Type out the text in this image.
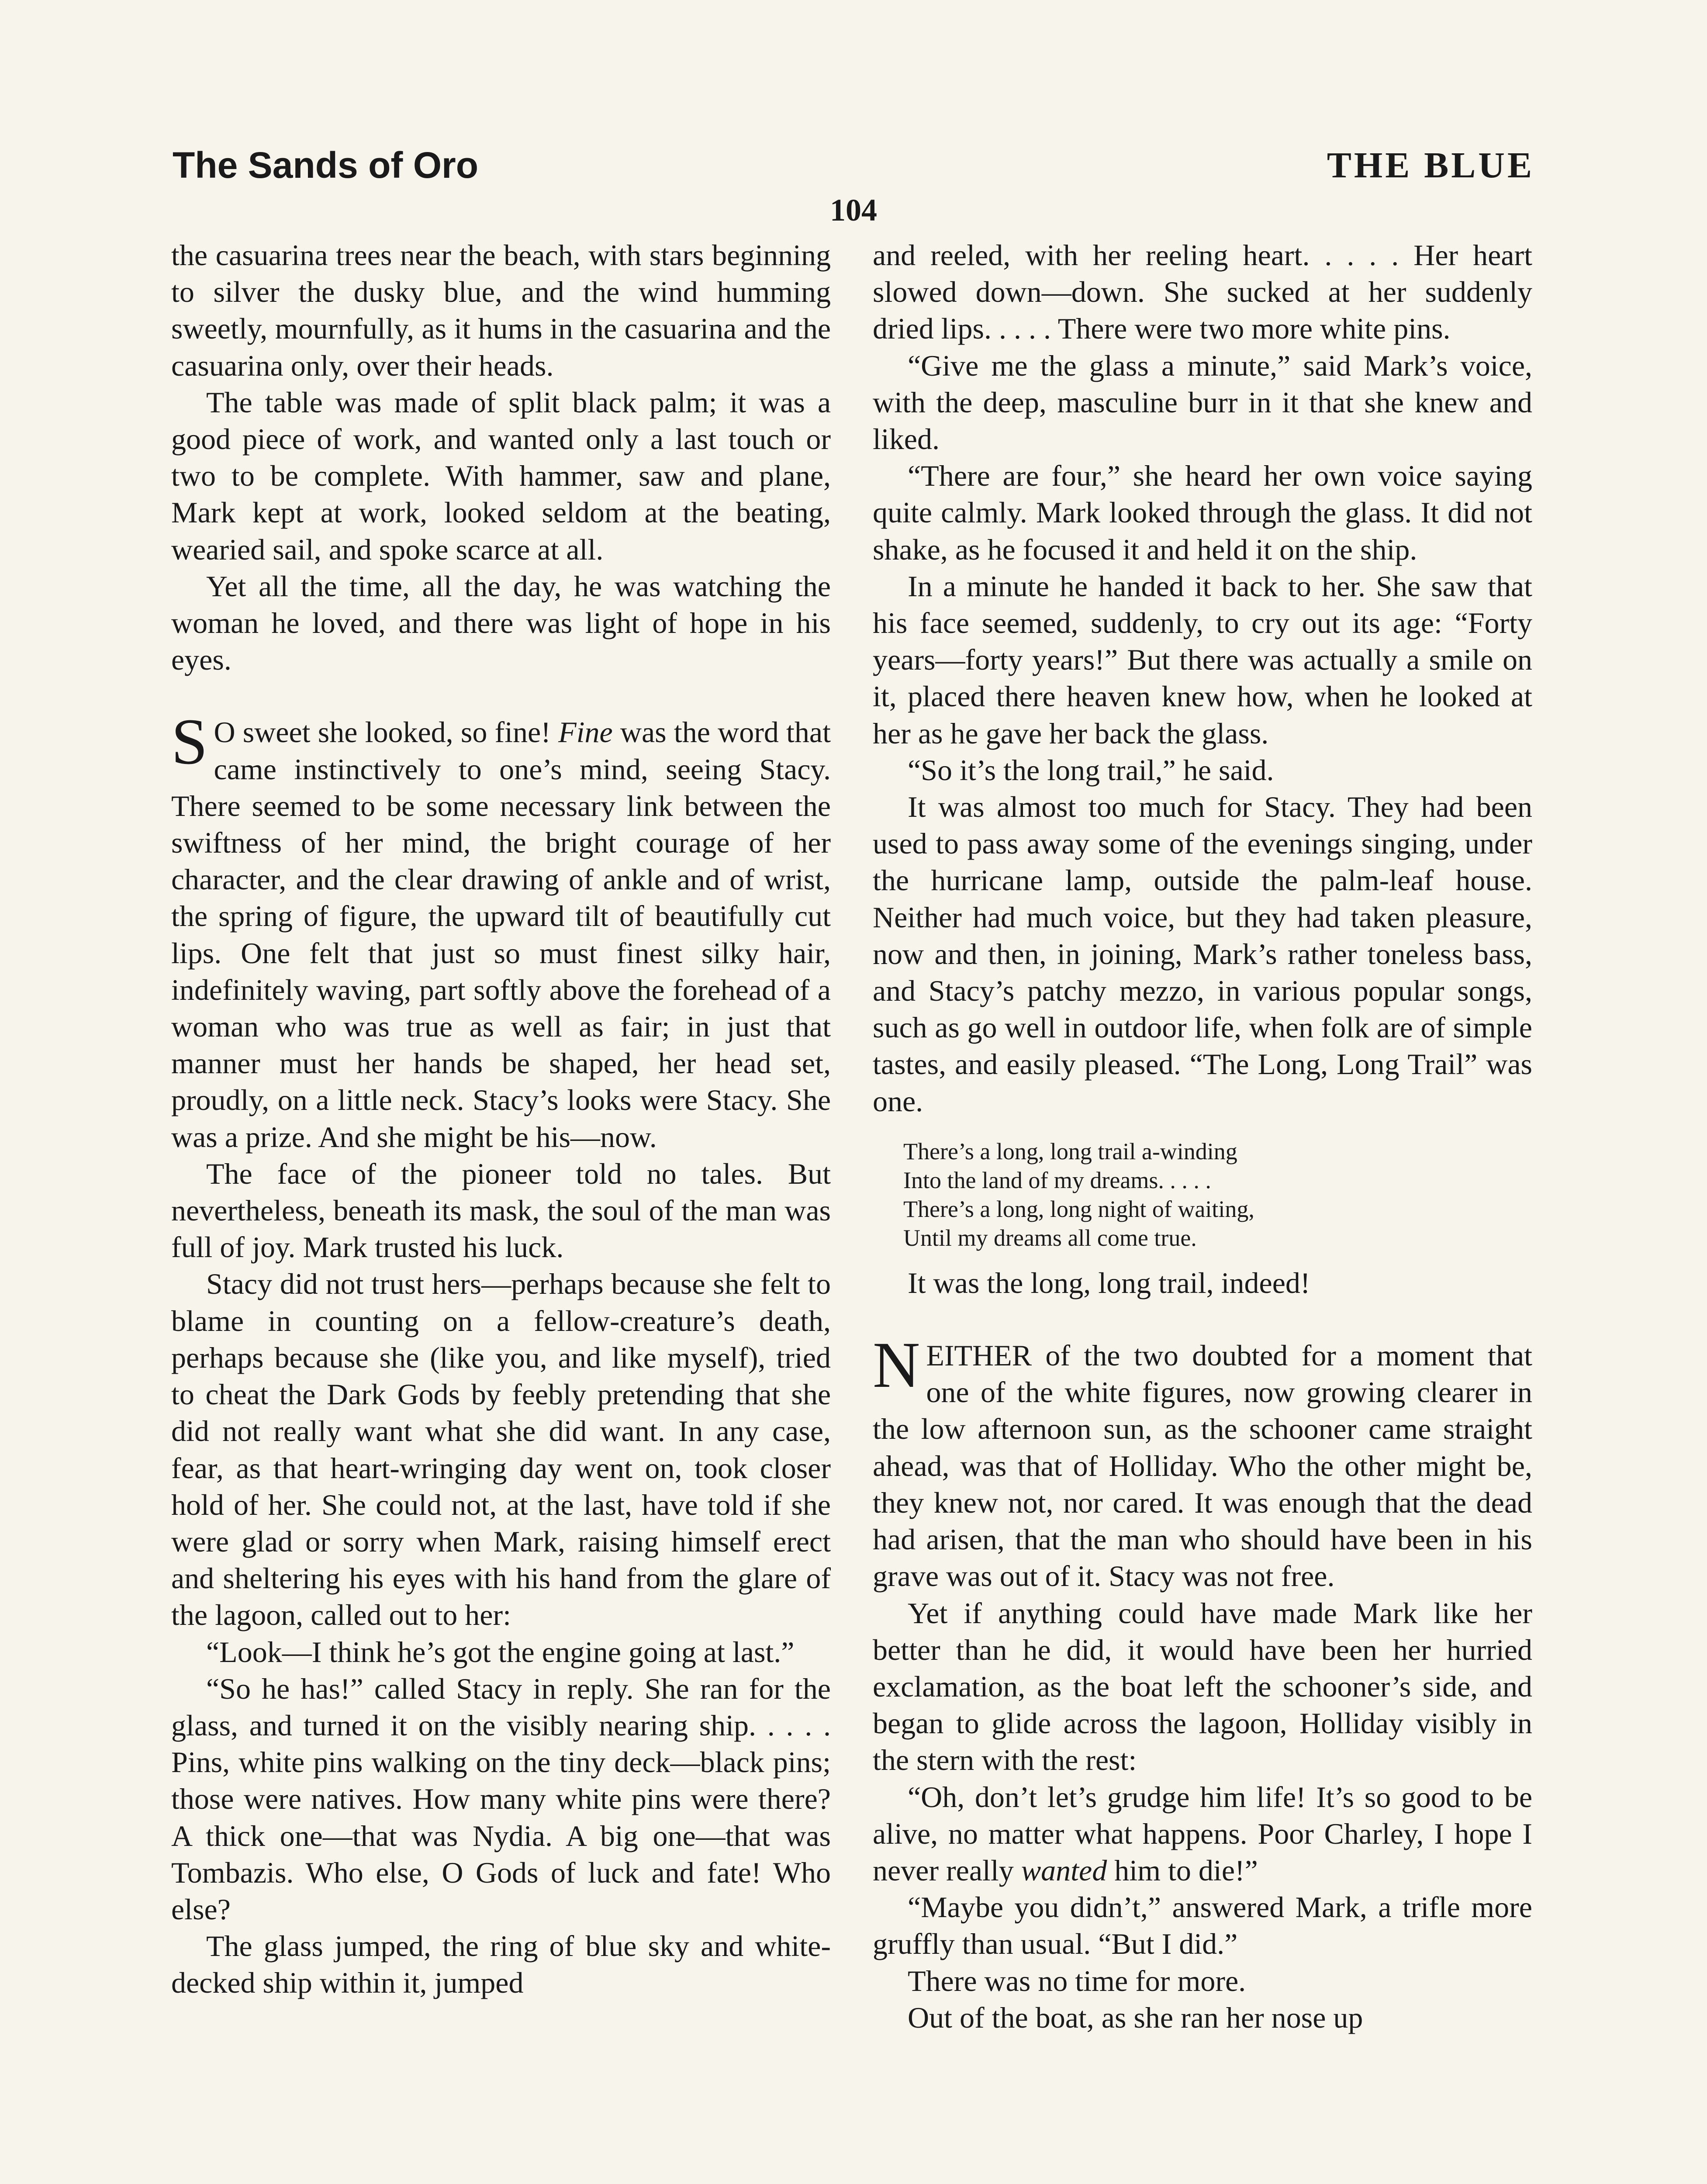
The Sands of Oro	THE BLUE
104

the casuarina trees near the beach, with stars beginning to silver the dusky blue, and the wind humming sweetly, mournfully, as it hums in the casuarina and the casuarina only, over their heads.

The table was made of split black palm; it was a good piece of work, and wanted only a last touch or two to be complete. With hammer, saw and plane, Mark kept at work, looked seldom at the beating, wearied sail, and spoke scarce at all.

Yet all the time, all the day, he was watching the woman he loved, and there was light of hope in his eyes.

S O sweet she looked, so fine! Fine was the word that came instinctively to one’s mind, seeing Stacy. There seemed to be some necessary link between the swiftness of her mind, the bright courage of her character, and the clear drawing of ankle and of wrist, the spring of figure, the upward tilt of beautifully cut lips. One felt that just so must finest silky hair, indefinitely waving, part softly above the forehead of a woman who was true as well as fair; in just that manner must her hands be shaped, her head set, proudly, on a little neck. Stacy’s looks were Stacy. She was a prize. And she might be his—now.

The face of the pioneer told no tales. But nevertheless, beneath its mask, the soul of the man was full of joy. Mark trusted his luck.

Stacy did not trust hers—perhaps because she felt to blame in counting on a fellow-creature’s death, perhaps because she (like you, and like myself), tried to cheat the Dark Gods by feebly pretending that she did not really want what she did want. In any case, fear, as that heart-wringing day went on, took closer hold of her. She could not, at the last, have told if she were glad or sorry when Mark, raising himself erect and sheltering his eyes with his hand from the glare of the lagoon, called out to her:

“Look—I think he’s got the engine going at last.”

“So he has!” called Stacy in reply. She ran for the glass, and turned it on the visibly nearing ship. . . . . Pins, white pins walking on the tiny deck—black pins; those were natives. How many white pins were there? A thick one—that was Nydia. A big one—that was Tombazis. Who else, O Gods of luck and fate! Who else?

The glass jumped, the ring of blue sky and white-decked ship within it, jumped

and reeled, with her reeling heart. . . . . Her heart slowed down—down. She sucked at her suddenly dried lips. . . . . There were two more white pins.

“Give me the glass a minute,” said Mark’s voice, with the deep, masculine burr in it that she knew and liked.

“There are four,” she heard her own voice saying quite calmly. Mark looked through the glass. It did not shake, as he focused it and held it on the ship.

In a minute he handed it back to her. She saw that his face seemed, suddenly, to cry out its age: “Forty years—forty years!” But there was actually a smile on it, placed there heaven knew how, when he looked at her as he gave her back the glass.

“So it’s the long trail,” he said.

It was almost too much for Stacy. They had been used to pass away some of the evenings singing, under the hurricane lamp, outside the palm-leaf house. Neither had much voice, but they had taken pleasure, now and then, in joining, Mark’s rather toneless bass, and Stacy’s patchy mezzo, in various popular songs, such as go well in outdoor life, when folk are of simple tastes, and easily pleased. “The Long, Long Trail” was one.

There’s a long, long trail a-winding
Into the land of my dreams. . . . .
There’s a long, long night of waiting,
Until my dreams all come true.

It was the long, long trail, indeed!

NEITHER of the two doubted for a moment that one of the white figures, now growing clearer in the low afternoon sun, as the schooner came straight ahead, was that of Holliday. Who the other might be, they knew not, nor cared. It was enough that the dead had arisen, that the man who should have been in his grave was out of it. Stacy was not free.

Yet if anything could have made Mark like her better than he did, it would have been her hurried exclamation, as the boat left the schooner’s side, and began to glide across the lagoon, Holliday visibly in the stern with the rest:

“Oh, don’t let’s grudge him life! It’s so good to be alive, no matter what happens. Poor Charley, I hope I never really wanted him to die!”

“Maybe you didn’t,” answered Mark, a trifle more gruffly than usual. “But I did.”

There was no time for more.

Out of the boat, as she ran her nose up
